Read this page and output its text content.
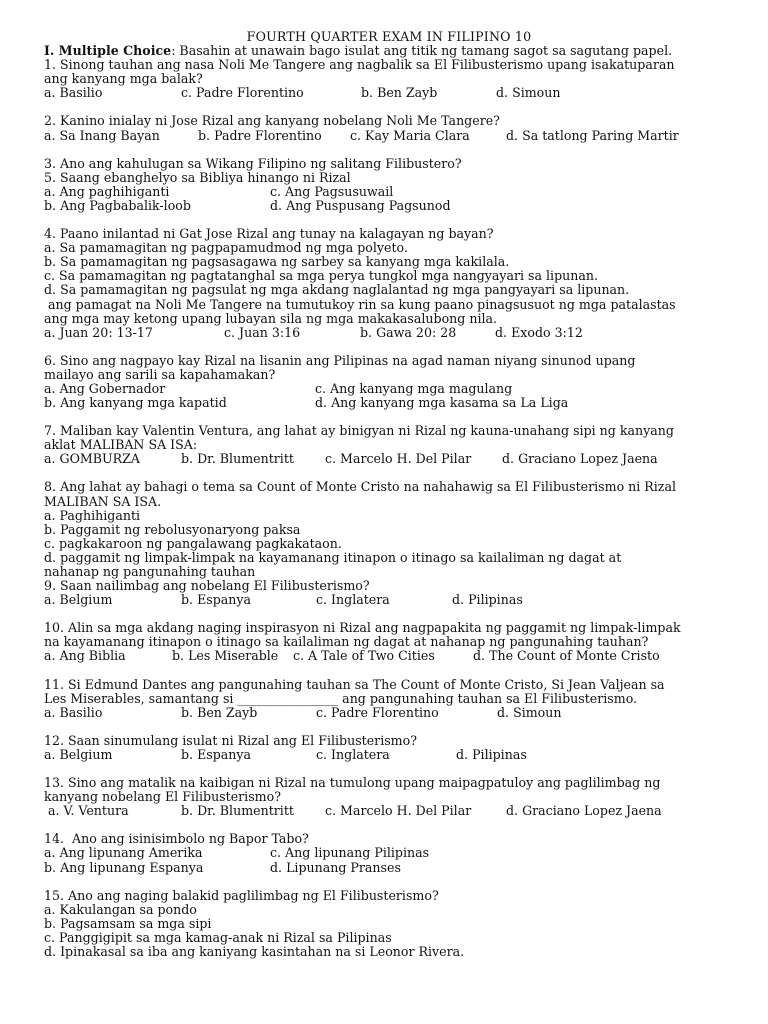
FOURTH QUARTER EXAM IN FILIPINO 10
I. Multiple Choice: Basahin at unawain bago isulat ang titik ng tamang sagot sa sagutang papel.
1. Sinong tauhan ang nasa Noli Me Tangere ang nagbalik sa El Filibusterismo upang isakatuparan
ang kanyang mga balak?
a. Basilio	c. Padre Florentino	b. Ben Zayb	d. Simoun
2. Kanino inialay ni Jose Rizal ang kanyang nobelang Noli Me Tangere?
a. Sa Inang Bayan	b. Padre Florentino	c. Kay Maria Clara	d. Sa tatlong Paring Martir
3. Ano ang kahulugan sa Wikang Filipino ng salitang Filibustero?
5. Saang ebanghelyo sa Bibliya hinango ni Rizal
a. Ang paghihiganti	c. Ang Pagsusuwail
b. Ang Pagbabalik-loob	d. Ang Puspusang Pagsunod
4. Paano inilantad ni Gat Jose Rizal ang tunay na kalagayan ng bayan?
a. Sa pamamagitan ng pagpapamudmod ng mga polyeto.
b. Sa pamamagitan ng pagsasagawa ng sarbey sa kanyang mga kakilala.
c. Sa pamamagitan ng pagtatanghal sa mga perya tungkol mga nangyayari sa lipunan.
d. Sa pamamagitan ng pagsulat ng mga akdang naglalantad ng mga pangyayari sa lipunan.
ang pamagat na Noli Me Tangere na tumutukoy rin sa kung paano pinagsusuot ng mga patalastas
ang mga may ketong upang lubayan sila ng mga makakasalubong nila.
a. Juan 20: 13-17	c. Juan 3:16	b. Gawa 20: 28	d. Exodo 3:12
6. Sino ang nagpayo kay Rizal na lisanin ang Pilipinas na agad naman niyang sinunod upang
mailayo ang sarili sa kapahamakan?
a. Ang Gobernador	c. Ang kanyang mga magulang
b. Ang kanyang mga kapatid	d. Ang kanyang mga kasama sa La Liga
7. Maliban kay Valentin Ventura, ang lahat ay binigyan ni Rizal ng kauna-unahang sipi ng kanyang
aklat MALIBAN SA ISA:
a. GOMBURZA	b. Dr. Blumentritt	c. Marcelo H. Del Pilar	d. Graciano Lopez Jaena
8. Ang lahat ay bahagi o tema sa Count of Monte Cristo na nahahawig sa El Filibusterismo ni Rizal
MALIBAN SA ISA.
a. Paghihiganti
b. Paggamit ng rebolusyonaryong paksa
c. pagkakaroon ng pangalawang pagkakataon.
d. paggamit ng limpak-limpak na kayamanang itinapon o itinago sa kailaliman ng dagat at
nahanap ng pangunahing tauhan
9. Saan nailimbag ang nobelang El Filibusterismo?
a. Belgium	b. Espanya	c. Inglatera	d. Pilipinas
10. Alin sa mga akdang naging inspirasyon ni Rizal ang nagpapakita ng paggamit ng limpak-limpak
na kayamanang itinapon o itinago sa kailaliman ng dagat at nahanap ng pangunahing tauhan?
a. Ang Biblia	b. Les Miserable	c. A Tale of Two Cities	d. The Count of Monte Cristo
11. Si Edmund Dantes ang pangunahing tauhan sa The Count of Monte Cristo, Si Jean Valjean sa
Les Miserables, samantang si ________________ ang pangunahing tauhan sa El Filibusterismo.
a. Basilio	b. Ben Zayb	c. Padre Florentino	d. Simoun
12. Saan sinumulang isulat ni Rizal ang El Filibusterismo?
a. Belgium	b. Espanya	c. Inglatera	d. Pilipinas
13. Sino ang matalik na kaibigan ni Rizal na tumulong upang maipagpatuloy ang paglilimbag ng
kanyang nobelang El Filibusterismo?
a. V. Ventura	b. Dr. Blumentritt	c. Marcelo H. Del Pilar	d. Graciano Lopez Jaena
14.  Ano ang isinisimbolo ng Bapor Tabo?
a. Ang lipunang Amerika	c. Ang lipunang Pilipinas
b. Ang lipunang Espanya	d. Lipunang Pranses
15. Ano ang naging balakid paglilimbag ng El Filibusterismo?
a. Kakulangan sa pondo
b. Pagsamsam sa mga sipi
c. Panggigipit sa mga kamag-anak ni Rizal sa Pilipinas
d. Ipinakasal sa iba ang kaniyang kasintahan na si Leonor Rivera.
